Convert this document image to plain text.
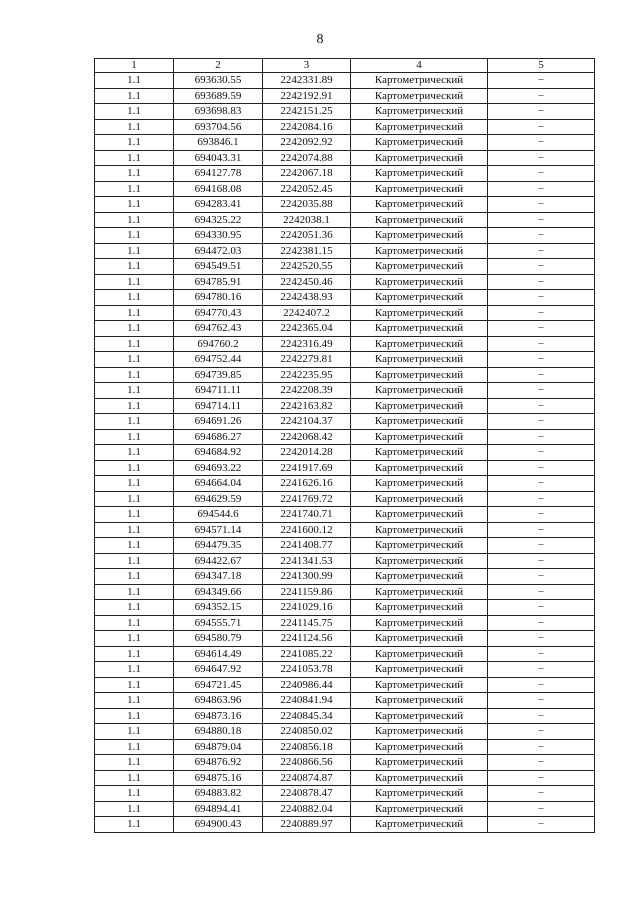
8
1	2	3	4	5
1.1	693630.55	2242331.89	Картометрический	–
1.1	693689.59	2242192.91	Картометрический	–
1.1	693698.83	2242151.25	Картометрический	–
1.1	693704.56	2242084.16	Картометрический	–
1.1	693846.1	2242092.92	Картометрический	–
1.1	694043.31	2242074.88	Картометрический	–
1.1	694127.78	2242067.18	Картометрический	–
1.1	694168.08	2242052.45	Картометрический	–
1.1	694283.41	2242035.88	Картометрический	–
1.1	694325.22	2242038.1	Картометрический	–
1.1	694330.95	2242051.36	Картометрический	–
1.1	694472.03	2242381.15	Картометрический	–
1.1	694549.51	2242520.55	Картометрический	–
1.1	694785.91	2242450.46	Картометрический	–
1.1	694780.16	2242438.93	Картометрический	–
1.1	694770.43	2242407.2	Картометрический	–
1.1	694762.43	2242365.04	Картометрический	–
1.1	694760.2	2242316.49	Картометрический	–
1.1	694752.44	2242279.81	Картометрический	–
1.1	694739.85	2242235.95	Картометрический	–
1.1	694711.11	2242208.39	Картометрический	–
1.1	694714.11	2242163.82	Картометрический	–
1.1	694691.26	2242104.37	Картометрический	–
1.1	694686.27	2242068.42	Картометрический	–
1.1	694684.92	2242014.28	Картометрический	–
1.1	694693.22	2241917.69	Картометрический	–
1.1	694664.04	2241626.16	Картометрический	–
1.1	694629.59	2241769.72	Картометрический	–
1.1	694544.6	2241740.71	Картометрический	–
1.1	694571.14	2241600.12	Картометрический	–
1.1	694479.35	2241408.77	Картометрический	–
1.1	694422.67	2241341.53	Картометрический	–
1.1	694347.18	2241300.99	Картометрический	–
1.1	694349.66	2241159.86	Картометрический	–
1.1	694352.15	2241029.16	Картометрический	–
1.1	694555.71	2241145.75	Картометрический	–
1.1	694580.79	2241124.56	Картометрический	–
1.1	694614.49	2241085.22	Картометрический	–
1.1	694647.92	2241053.78	Картометрический	–
1.1	694721.45	2240986.44	Картометрический	–
1.1	694863.96	2240841.94	Картометрический	–
1.1	694873.16	2240845.34	Картометрический	–
1.1	694880.18	2240850.02	Картометрический	–
1.1	694879.04	2240856.18	Картометрический	–
1.1	694876.92	2240866.56	Картометрический	–
1.1	694875.16	2240874.87	Картометрический	–
1.1	694883.82	2240878.47	Картометрический	–
1.1	694894.41	2240882.04	Картометрический	–
1.1	694900.43	2240889.97	Картометрический	–
